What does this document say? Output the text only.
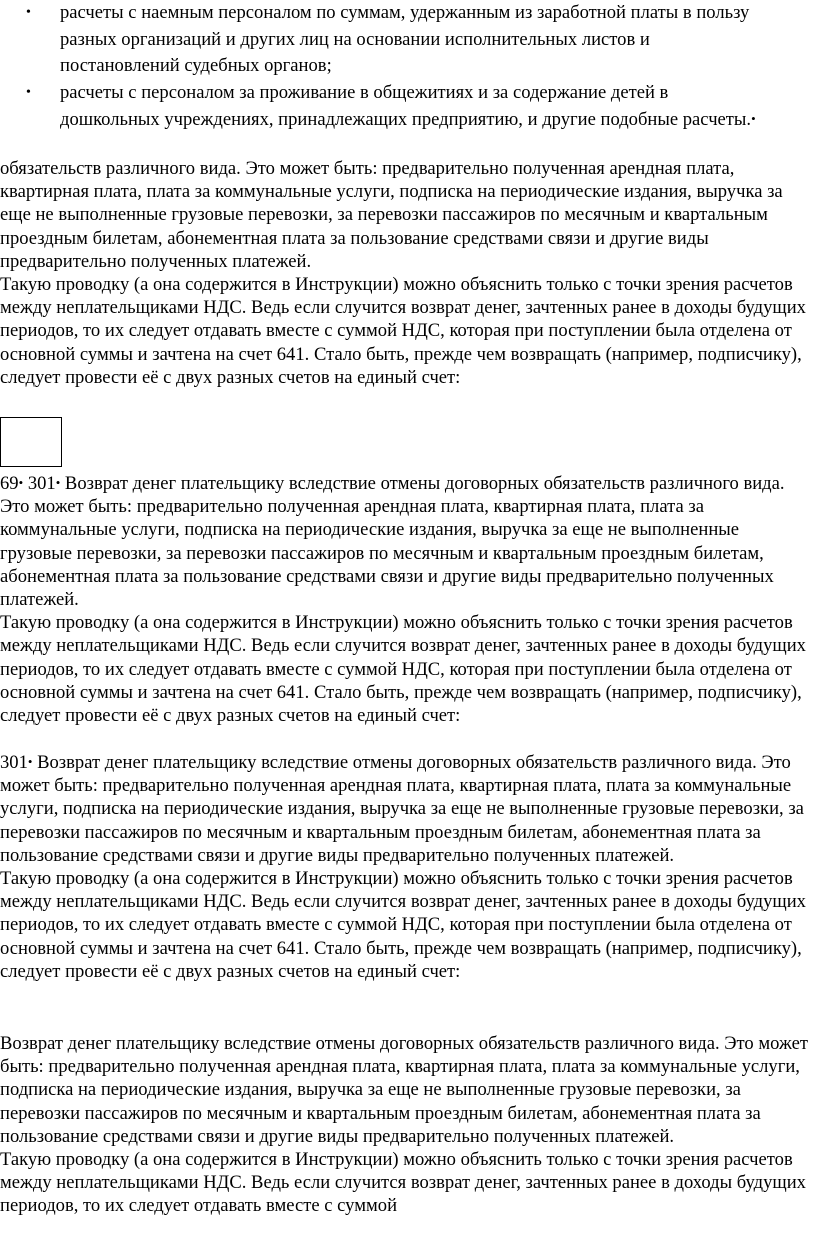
• расчеты с наемным персоналом по суммам, удержанным из заработной платы в пользу разных организаций и других лиц на основании исполнительных листов и постановлений судебных органов;
• расчеты с персоналом за проживание в общежитиях и за содержание детей в дошкольных учреждениях, принадлежащих предприятию, и другие подобные расчеты.•

обязательств различного вида. Это может быть: предварительно полученная арендная плата, квартирная плата, плата за коммунальные услуги, подписка на периодические издания, выручка за еще не выполненные грузовые перевозки, за перевозки пассажиров по месячным и квартальным проездным билетам, абонементная плата за пользование средствами связи и другие виды предварительно полученных платежей.
Такую проводку (а она содержится в Инструкции) можно объяснить только с точки зрения расчетов между неплательщиками НДС. Ведь если случится возврат денег, зачтенных ранее в доходы будущих периодов, то их следует отдавать вместе с суммой НДС, которая при поступлении была отделена от основной суммы и зачтена на счет 641. Стало быть, прежде чем возвращать (например, подписчику), следует провести её с двух разных счетов на единый счет:

69• 301• Возврат денег плательщику вследствие отмены договорных обязательств различного вида. Это может быть: предварительно полученная арендная плата, квартирная плата, плата за коммунальные услуги, подписка на периодические издания, выручка за еще не выполненные грузовые перевозки, за перевозки пассажиров по месячным и квартальным проездным билетам, абонементная плата за пользование средствами связи и другие виды предварительно полученных платежей.
Такую проводку (а она содержится в Инструкции) можно объяснить только с точки зрения расчетов между неплательщиками НДС. Ведь если случится возврат денег, зачтенных ранее в доходы будущих периодов, то их следует отдавать вместе с суммой НДС, которая при поступлении была отделена от основной суммы и зачтена на счет 641. Стало быть, прежде чем возвращать (например, подписчику), следует провести её с двух разных счетов на единый счет:

301• Возврат денег плательщику вследствие отмены договорных обязательств различного вида. Это может быть: предварительно полученная арендная плата, квартирная плата, плата за коммунальные услуги, подписка на периодические издания, выручка за еще не выполненные грузовые перевозки, за перевозки пассажиров по месячным и квартальным проездным билетам, абонементная плата за пользование средствами связи и другие виды предварительно полученных платежей.
Такую проводку (а она содержится в Инструкции) можно объяснить только с точки зрения расчетов между неплательщиками НДС. Ведь если случится возврат денег, зачтенных ранее в доходы будущих периодов, то их следует отдавать вместе с суммой НДС, которая при поступлении была отделена от основной суммы и зачтена на счет 641. Стало быть, прежде чем возвращать (например, подписчику), следует провести её с двух разных счетов на единый счет:

Возврат денег плательщику вследствие отмены договорных обязательств различного вида. Это может быть: предварительно полученная арендная плата, квартирная плата, плата за коммунальные услуги, подписка на периодические издания, выручка за еще не выполненные грузовые перевозки, за перевозки пассажиров по месячным и квартальным проездным билетам, абонементная плата за пользование средствами связи и другие виды предварительно полученных платежей.
Такую проводку (а она содержится в Инструкции) можно объяснить только с точки зрения расчетов между неплательщиками НДС. Ведь если случится возврат денег, зачтенных ранее в доходы будущих периодов, то их следует отдавать вместе с суммой
